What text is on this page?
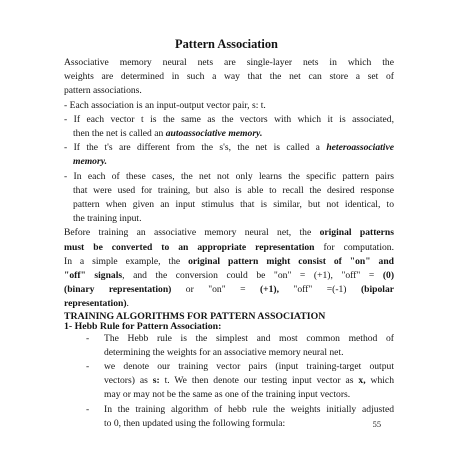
Pattern Association

Associative memory neural nets are single-layer nets in which the

weights are determined in such a way that the net can store a set of

pattern associations.

- Each association is an input-output vector pair, s: t.

- If each vector t is the same as the vectors with which it is associated,

then the net is called an autoassociative memory.

- If the t's are different from the s's, the net is called a heteroassociative

memory.

- In each of these cases, the net not only learns the specific pattern pairs

that were used for training, but also is able to recall the desired response

pattern when given an input stimulus that is similar, but not identical, to

the training input.

Before training an associative memory neural net, the original patterns

must be converted to an appropriate representation for computation.

In a simple example, the original pattern might consist of "on" and

"off" signals, and the conversion could be "on" = (+1), "off" = (0)

(binary representation) or "on" = (+1), "off" =(-1) (bipolar

representation).

TRAINING ALGORITHMS FOR PATTERN ASSOCIATION

1- Hebb Rule for Pattern Association:

- The Hebb rule is the simplest and most common method of

determining the weights for an associative memory neural net.

- we denote our training vector pairs (input training-target output

vectors) as s: t. We then denote our testing input vector as x, which

may or may not be the same as one of the training input vectors.

- In the training algorithm of hebb rule the weights initially adjusted

to 0, then updated using the following formula:	55
